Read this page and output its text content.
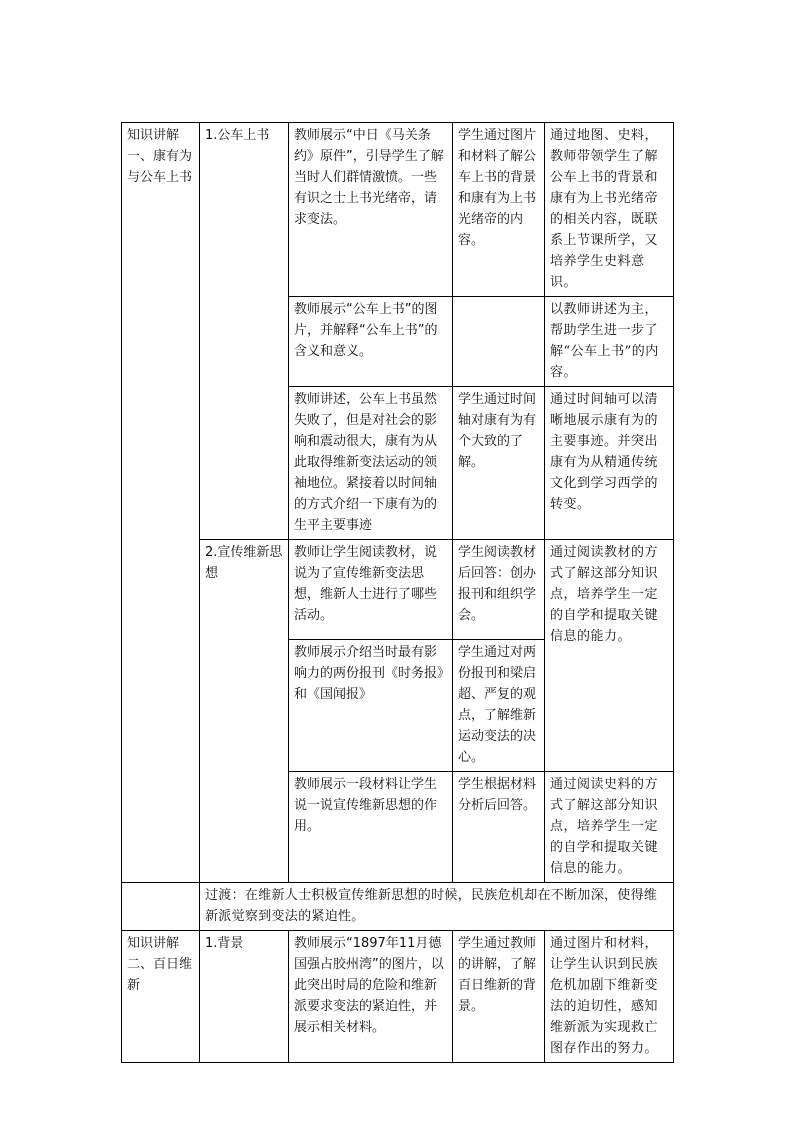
知识讲解一、康有为与公车上书	1.公车上书	教师展示“中日《马关条约》原件”，引导学生了解当时人们群情激愤。一些有识之士上书光绪帝，请求变法。	学生通过图片和材料了解公车上书的背景和康有为上书光绪帝的内容。	通过地图、史料，教师带领学生了解公车上书的背景和康有为上书光绪帝的相关内容，既联系上节课所学，又培养学生史料意识。
		教师展示“公车上书”的图片，并解释“公车上书”的含义和意义。		以教师讲述为主，帮助学生进一步了解“公车上书”的内容。
		教师讲述，公车上书虽然失败了，但是对社会的影响和震动很大，康有为从此取得维新变法运动的领袖地位。紧接着以时间轴的方式介绍一下康有为的生平主要事迹	学生通过时间轴对康有为有个大致的了解。	通过时间轴可以清晰地展示康有为的主要事迹。并突出康有为从精通传统文化到学习西学的转变。
	2.宣传维新思想	教师让学生阅读教材，说说为了宣传维新变法思想，维新人士进行了哪些活动。	学生阅读教材后回答：创办报刊和组织学会。	通过阅读教材的方式了解这部分知识点，培养学生一定的自学和提取关键信息的能力。
		教师展示介绍当时最有影响力的两份报刊《时务报》和《国闻报》	学生通过对两份报刊和梁启超、严复的观点，了解维新运动变法的决心。	
		教师展示一段材料让学生说一说宣传维新思想的作用。	学生根据材料分析后回答。	通过阅读史料的方式了解这部分知识点，培养学生一定的自学和提取关键信息的能力。
	过渡：在维新人士积极宣传维新思想的时候，民族危机却在不断加深，使得维新派觉察到变法的紧迫性。			
知识讲解二、百日维新	1.背景	教师展示“1897年11月德国强占胶州湾”的图片，以此突出时局的危险和维新派要求变法的紧迫性，并展示相关材料。	学生通过教师的讲解，了解百日维新的背景。	通过图片和材料，让学生认识到民族危机加剧下维新变法的迫切性，感知维新派为实现救亡图存作出的努力。
